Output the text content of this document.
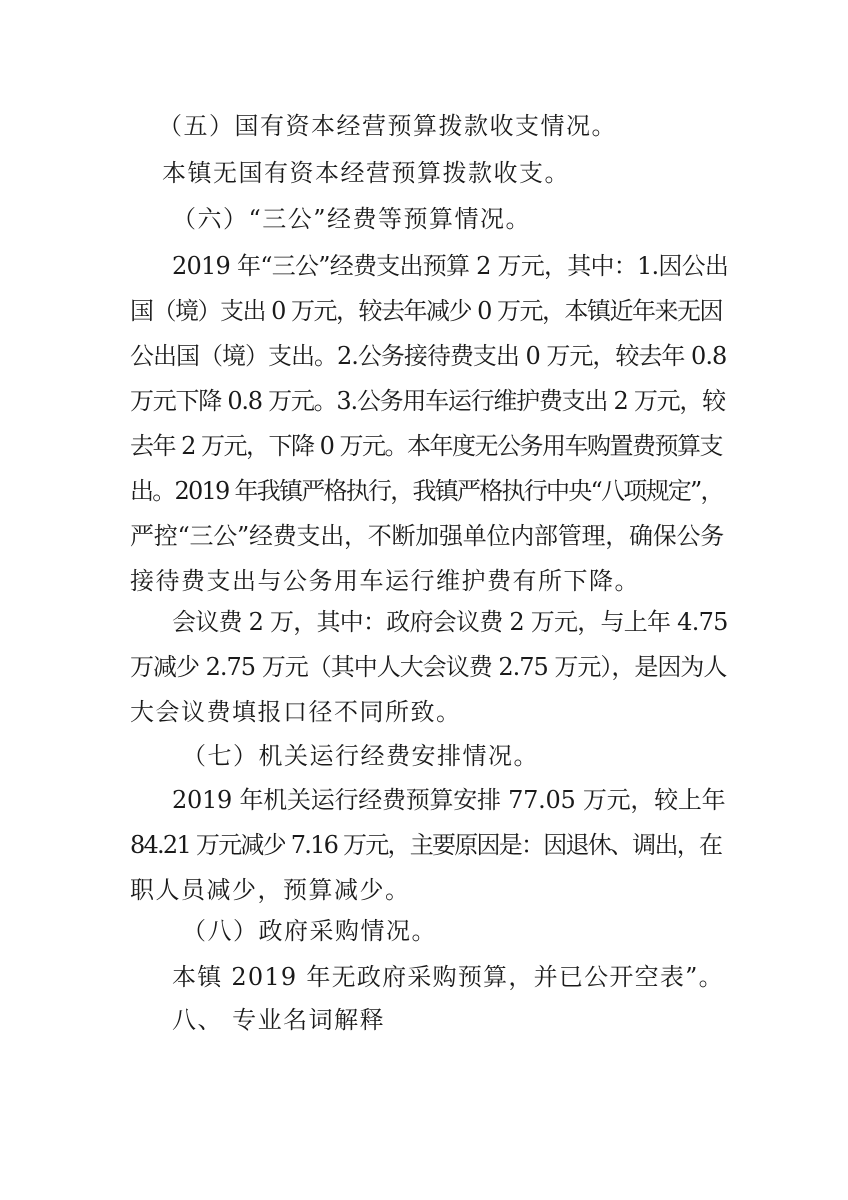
（五）国有资本经营预算拨款收支情况。
本镇无国有资本经营预算拨款收支。
（六）“三公”经费等预算情况。
2019 年“三公”经费支出预算 2 万元，其中：1.因公出
国（境）支出 0 万元，较去年减少 0 万元，本镇近年来无因
公出国（境）支出。2.公务接待费支出 0 万元，较去年 0.8
万元下降 0.8 万元。3.公务用车运行维护费支出 2 万元，较
去年 2 万元，下降 0 万元。本年度无公务用车购置费预算支
出。2019 年我镇严格执行，我镇严格执行中央“八项规定”，
严控“三公”经费支出，不断加强单位内部管理，确保公务
接待费支出与公务用车运行维护费有所下降。
会议费 2 万，其中：政府会议费 2 万元，与上年 4.75
万减少 2.75 万元（其中人大会议费 2.75 万元），是因为人
大会议费填报口径不同所致。
（七）机关运行经费安排情况。
2019 年机关运行经费预算安排 77.05 万元，较上年
84.21 万元减少 7.16 万元，主要原因是：因退休、调出，在
职人员减少，预算减少。
（八）政府采购情况。
本镇 2019 年无政府采购预算，并已公开空表”。
八、 专业名词解释
